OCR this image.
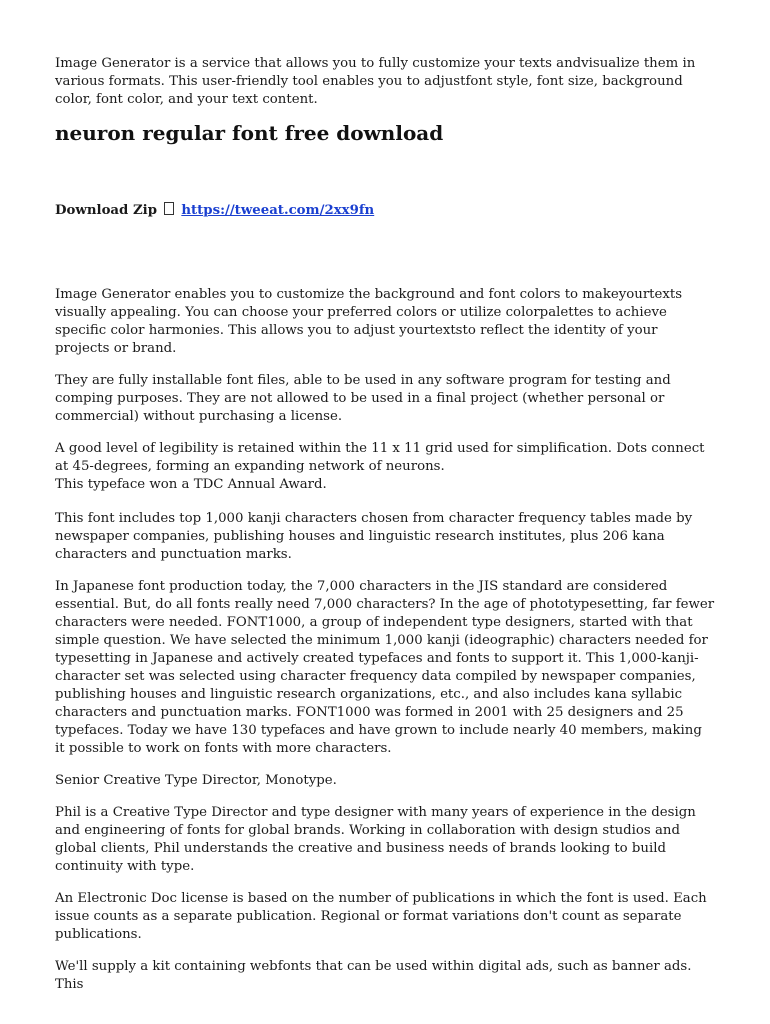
Image Generator is a service that allows you to fully customize your texts andvisualize them in various formats. This user-friendly tool enables you to adjustfont style, font size, background color, font color, and your text content.

neuron regular font free download
Download Zip https://tweeat.com/2xx9fn

Image Generator enables you to customize the background and font colors to makeyourtexts visually appealing. You can choose your preferred colors or utilize colorpalettes to achieve specific color harmonies. This allows you to adjust yourtextsto reflect the identity of your projects or brand.

They are fully installable font files, able to be used in any software program for testing and comping purposes. They are not allowed to be used in a final project (whether personal or commercial) without purchasing a license.

A good level of legibility is retained within the 11 x 11 grid used for simplification. Dots connect at 45-degrees, forming an expanding network of neurons.

This typeface won a TDC Annual Award.

This font includes top 1,000 kanji characters chosen from character frequency tables made by newspaper companies, publishing houses and linguistic research institutes, plus 206 kana characters and punctuation marks.

In Japanese font production today, the 7,000 characters in the JIS standard are considered essential. But, do all fonts really need 7,000 characters? In the age of phototypesetting, far fewer characters were needed. FONT1000, a group of independent type designers, started with that simple question. We have selected the minimum 1,000 kanji (ideographic) characters needed for typesetting in Japanese and actively created typefaces and fonts to support it. This 1,000-kanji-character set was selected using character frequency data compiled by newspaper companies, publishing houses and linguistic research organizations, etc., and also includes kana syllabic characters and punctuation marks. FONT1000 was formed in 2001 with 25 designers and 25 typefaces. Today we have 130 typefaces and have grown to include nearly 40 members, making it possible to work on fonts with more characters.

Senior Creative Type Director, Monotype.

Phil is a Creative Type Director and type designer with many years of experience in the design and engineering of fonts for global brands. Working in collaboration with design studios and global clients, Phil understands the creative and business needs of brands looking to build continuity with type.

An Electronic Doc license is based on the number of publications in which the font is used. Each issue counts as a separate publication. Regional or format variations don't count as separate publications.

We'll supply a kit containing webfonts that can be used within digital ads, such as banner ads. This
